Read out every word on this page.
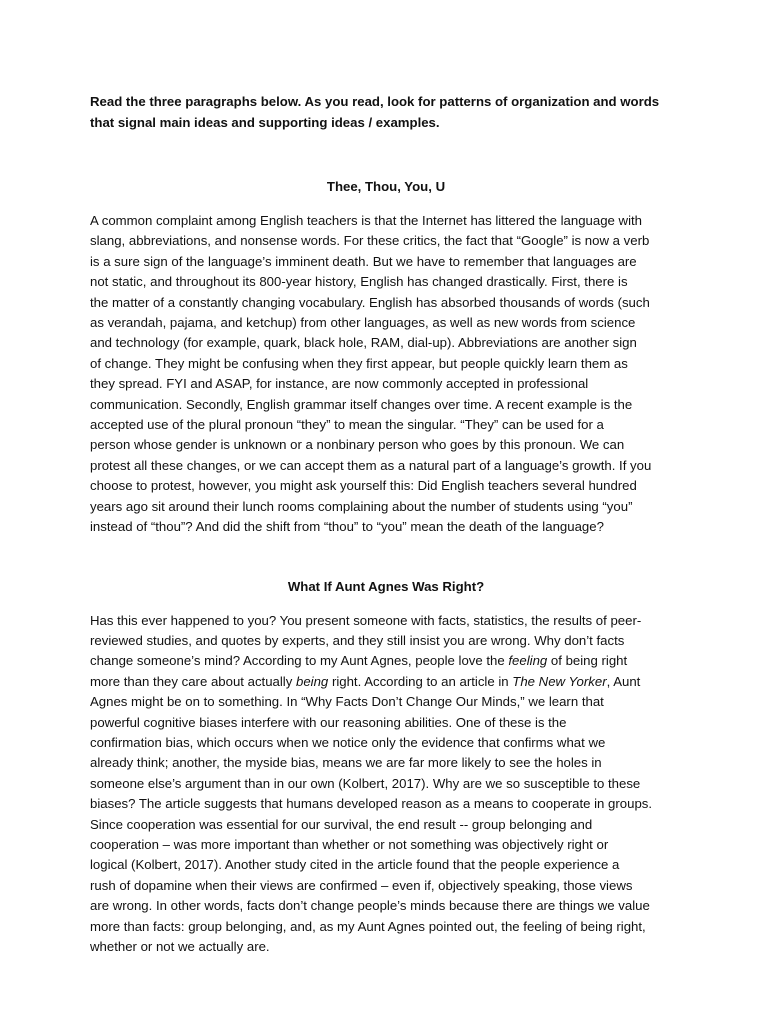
Read the three paragraphs below. As you read, look for patterns of organization and words
that signal main ideas and supporting ideas / examples.

Thee, Thou, You, U

A common complaint among English teachers is that the Internet has littered the language with
slang, abbreviations, and nonsense words. For these critics, the fact that “Google” is now a verb
is a sure sign of the language’s imminent death. But we have to remember that languages are
not static, and throughout its 800-year history, English has changed drastically. First, there is
the matter of a constantly changing vocabulary. English has absorbed thousands of words (such
as verandah, pajama, and ketchup) from other languages, as well as new words from science
and technology (for example, quark, black hole, RAM, dial-up). Abbreviations are another sign
of change. They might be confusing when they first appear, but people quickly learn them as
they spread. FYI and ASAP, for instance, are now commonly accepted in professional
communication. Secondly, English grammar itself changes over time. A recent example is the
accepted use of the plural pronoun “they” to mean the singular. “They” can be used for a
person whose gender is unknown or a nonbinary person who goes by this pronoun. We can
protest all these changes, or we can accept them as a natural part of a language’s growth. If you
choose to protest, however, you might ask yourself this: Did English teachers several hundred
years ago sit around their lunch rooms complaining about the number of students using “you”
instead of “thou”? And did the shift from “thou” to “you” mean the death of the language?

What If Aunt Agnes Was Right?

Has this ever happened to you? You present someone with facts, statistics, the results of peer-
reviewed studies, and quotes by experts, and they still insist you are wrong. Why don’t facts
change someone’s mind? According to my Aunt Agnes, people love the feeling of being right
more than they care about actually being right. According to an article in The New Yorker, Aunt
Agnes might be on to something. In “Why Facts Don’t Change Our Minds,” we learn that
powerful cognitive biases interfere with our reasoning abilities. One of these is the
confirmation bias, which occurs when we notice only the evidence that confirms what we
already think; another, the myside bias, means we are far more likely to see the holes in
someone else’s argument than in our own (Kolbert, 2017). Why are we so susceptible to these
biases? The article suggests that humans developed reason as a means to cooperate in groups.
Since cooperation was essential for our survival, the end result -- group belonging and
cooperation – was more important than whether or not something was objectively right or
logical (Kolbert, 2017). Another study cited in the article found that the people experience a
rush of dopamine when their views are confirmed – even if, objectively speaking, those views
are wrong. In other words, facts don’t change people’s minds because there are things we value
more than facts: group belonging, and, as my Aunt Agnes pointed out, the feeling of being right,
whether or not we actually are.
